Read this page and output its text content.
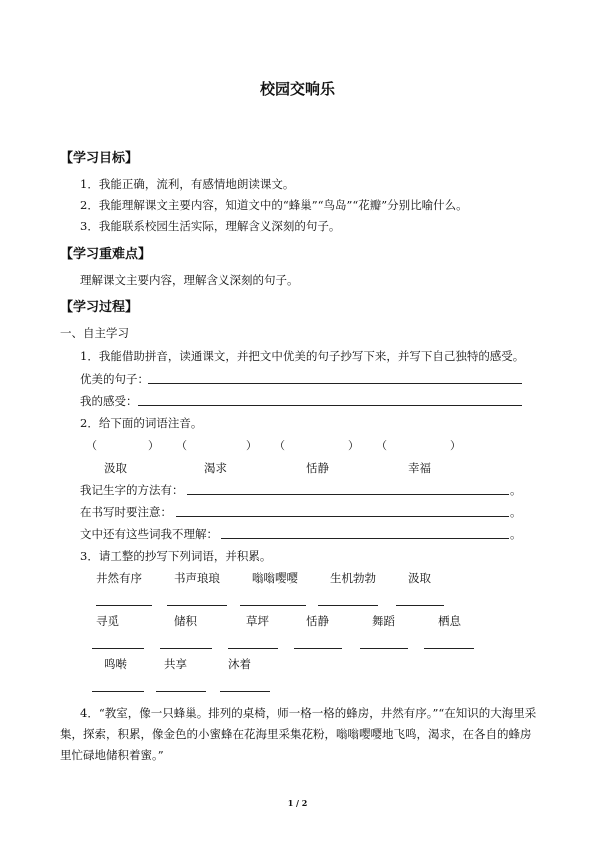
校园交响乐
【学习目标】
1．我能正确，流利，有感情地朗读课文。
2．我能理解课文主要内容，知道文中的“蜂巢”“鸟岛”“花瓣”分别比喻什么。
3．我能联系校园生活实际，理解含义深刻的句子。
【学习重难点】
理解课文主要内容，理解含义深刻的句子。
【学习过程】
一、自主学习
1．我能借助拼音，读通课文，并把文中优美的句子抄写下来，并写下自己独特的感受。
优美的句子：
我的感受：
2．给下面的词语注音。
（	） （	） （	） （	）
汲取	渴求	恬静	幸福
我记生字的方法有：	。
在书写时要注意：	。
文中还有这些词我不理解：	。
3．请工整的抄写下列词语，并积累。
井然有序	书声琅琅	嗡嗡嘤嘤	生机勃勃	汲取
寻觅	储积	草坪	恬静	舞蹈	栖息
鸣啭	共享	沐着
4．“教室，像一只蜂巢。排列的桌椅，师一格一格的蜂房，井然有序。”“在知识的大海里采集，探索，积累，像金色的小蜜蜂在花海里采集花粉，嗡嗡嘤嘤地飞鸣，渴求，在各自的蜂房里忙碌地储积着蜜。”
1 / 2
